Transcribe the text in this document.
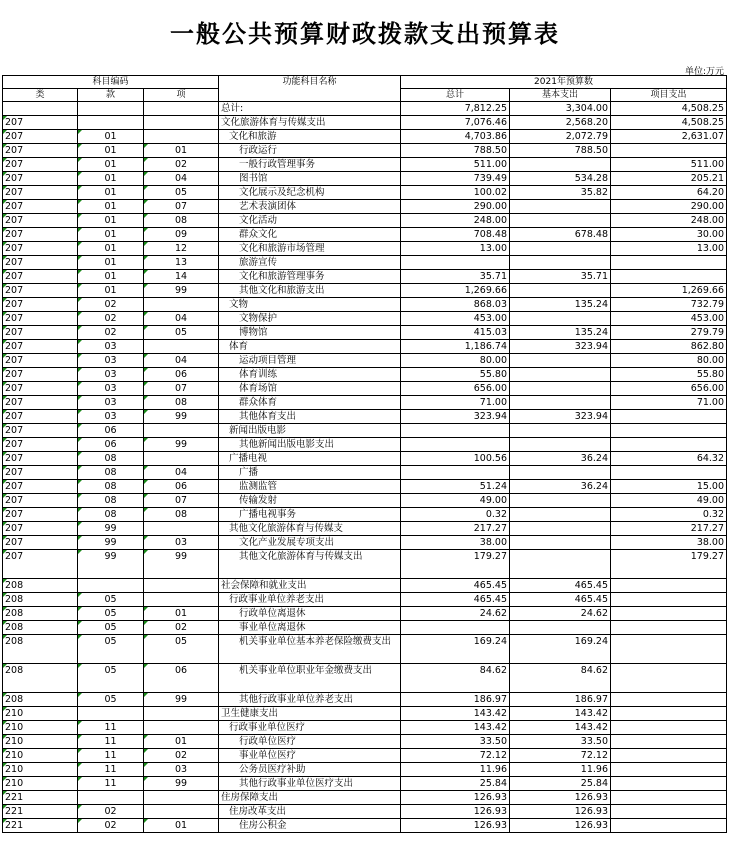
一般公共预算财政拨款支出预算表
单位:万元
科目编码			功能科目名称	2021年预算数		
类	款	项		总计	基本支出	项目支出
			总计:	7,812.25	3,304.00	4,508.25
207			文化旅游体育与传媒支出	7,076.46	2,568.20	4,508.25
207	01		文化和旅游	4,703.86	2,072.79	2,631.07
207	01	01	行政运行	788.50	788.50	
207	01	02	一般行政管理事务	511.00		511.00
207	01	04	图书馆	739.49	534.28	205.21
207	01	05	文化展示及纪念机构	100.02	35.82	64.20
207	01	07	艺术表演团体	290.00		290.00
207	01	08	文化活动	248.00		248.00
207	01	09	群众文化	708.48	678.48	30.00
207	01	12	文化和旅游市场管理	13.00		13.00
207	01	13	旅游宣传			
207	01	14	文化和旅游管理事务	35.71	35.71	
207	01	99	其他文化和旅游支出	1,269.66		1,269.66
207	02		文物	868.03	135.24	732.79
207	02	04	文物保护	453.00		453.00
207	02	05	博物馆	415.03	135.24	279.79
207	03		体育	1,186.74	323.94	862.80
207	03	04	运动项目管理	80.00		80.00
207	03	06	体育训练	55.80		55.80
207	03	07	体育场馆	656.00		656.00
207	03	08	群众体育	71.00		71.00
207	03	99	其他体育支出	323.94	323.94	
207	06		新闻出版电影			
207	06	99	其他新闻出版电影支出			
207	08		广播电视	100.56	36.24	64.32
207	08	04	广播			
207	08	06	监测监管	51.24	36.24	15.00
207	08	07	传输发射	49.00		49.00
207	08	08	广播电视事务	0.32		0.32
207	99		其他文化旅游体育与传媒支	217.27		217.27
207	99	03	文化产业发展专项支出	38.00		38.00
207	99	99	其他文化旅游体育与传媒支出	179.27		179.27
208			社会保障和就业支出	465.45	465.45	
208	05		行政事业单位养老支出	465.45	465.45	
208	05	01	行政单位离退休	24.62	24.62	
208	05	02	事业单位离退休			
208	05	05	机关事业单位基本养老保险缴费支出	169.24	169.24	
208	05	06	机关事业单位职业年金缴费支出	84.62	84.62	
208	05	99	其他行政事业单位养老支出	186.97	186.97	
210			卫生健康支出	143.42	143.42	
210	11		行政事业单位医疗	143.42	143.42	
210	11	01	行政单位医疗	33.50	33.50	
210	11	02	事业单位医疗	72.12	72.12	
210	11	03	公务员医疗补助	11.96	11.96	
210	11	99	其他行政事业单位医疗支出	25.84	25.84	
221			住房保障支出	126.93	126.93	
221	02		住房改革支出	126.93	126.93	
221	02	01	住房公积金	126.93	126.93	
